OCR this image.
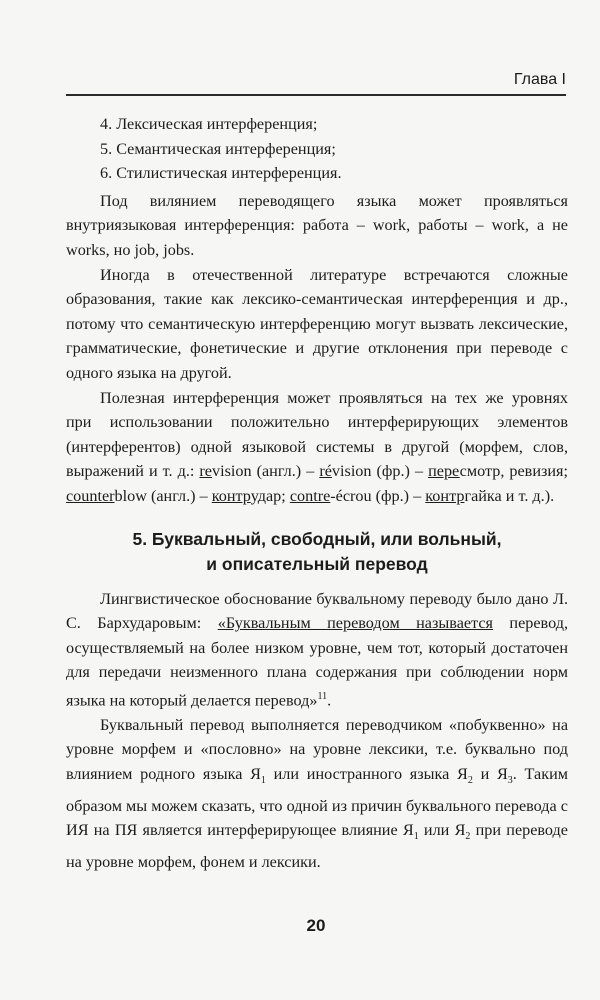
Глава I
4. Лексическая интерференция;
5. Семантическая интерференция;
6. Стилистическая интерференция.

Под вилянием переводящего языка может проявляться внутриязыковая интерференция: работа – work, работы – work, а не works, но job, jobs.

Иногда в отечественной литературе встречаются сложные образования, такие как лексико-семантическая интерференция и др., потому что семантическую интерференцию могут вызвать лексические, грамматические, фонетические и другие отклонения при переводе с одного языка на другой.

Полезная интерференция может проявляться на тех же уровнях при использовании положительно интерферирующих элементов (интерферентов) одной языковой системы в другой (морфем, слов, выражений и т. д.: revision (англ.) – révision (фр.) – пересмотр, ревизия; counterblow (англ.) – контрудар; contre-écrou (фр.) – контргайка и т. д.).

5. Буквальный, свободный, или вольный,
и описательный перевод

Лингвистическое обоснование буквальному переводу было дано Л. С. Бархударовым: «Буквальным переводом называется перевод, осуществляемый на более низком уровне, чем тот, который достаточен для передачи неизменного плана содержания при соблюдении норм языка на который делается перевод»$^{11}$.

Буквальный перевод выполняется переводчиком «побуквенно» на уровне морфем и «пословно» на уровне лексики, т.е. буквально под влиянием родного языка $Я_1$ или иностранного языка $Я_2$ и $Я_3$. Таким образом мы можем сказать, что одной из причин буквального перевода с ИЯ на ПЯ является интерферирующее влияние $Я_1$ или $Я_2$ при переводе на уровне морфем, фонем и лексики.

20
